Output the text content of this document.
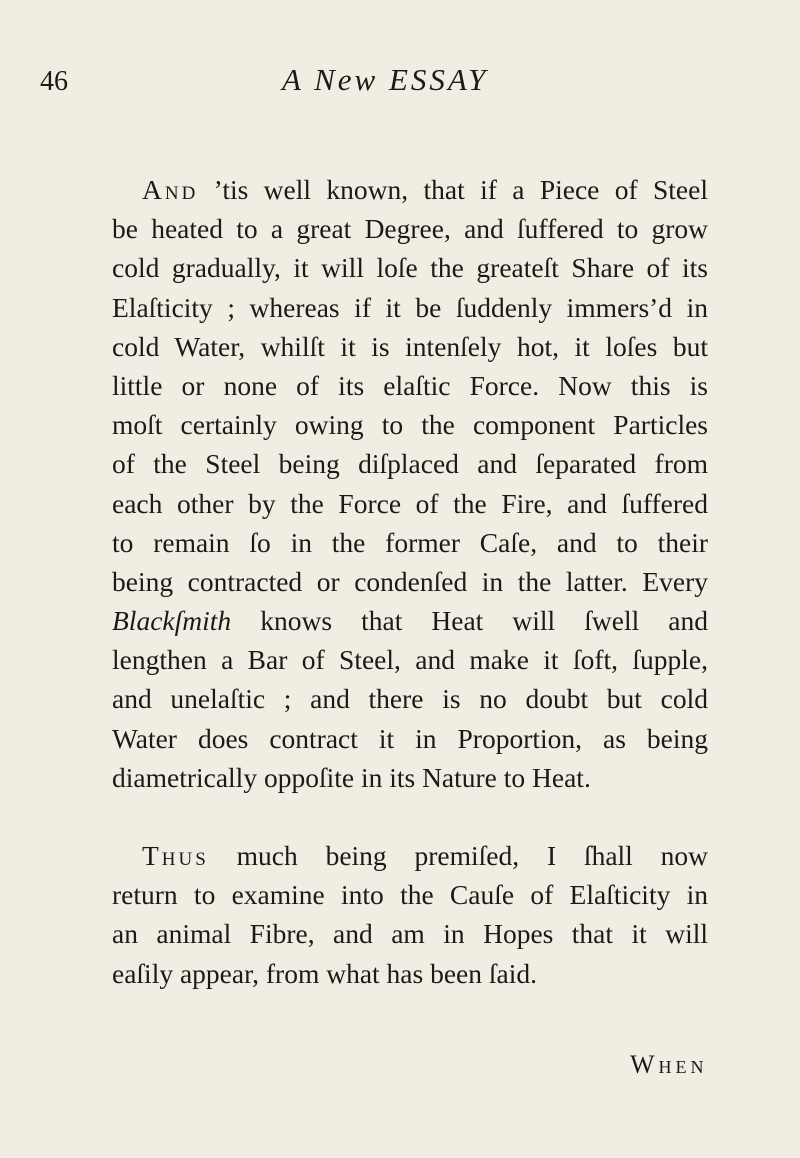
46	A New ESSAY
And ’tis well known, that if a Piece of Steel
be heated to a great Degree, and ſuffered to grow
cold gradually, it will loſe the greateſt Share of its
Elaſticity ; whereas if it be ſuddenly immers’d in
cold Water, whilſt it is intenſely hot, it loſes but
little or none of its elaſtic Force. Now this is
moſt certainly owing to the component Particles
of the Steel being diſplaced and ſeparated from
each other by the Force of the Fire, and ſuffered
to remain ſo in the former Caſe, and to their
being contracted or condenſed in the latter. Every
Blackſmith knows that Heat will ſwell and
lengthen a Bar of Steel, and make it ſoft, ſupple,
and unelaſtic ; and there is no doubt but cold
Water does contract it in Proportion, as being
diametrically oppoſite in its Nature to Heat.
Thus much being premiſed, I ſhall now
return to examine into the Cauſe of Elaſticity in
an animal Fibre, and am in Hopes that it will
eaſily appear, from what has been ſaid.
When
